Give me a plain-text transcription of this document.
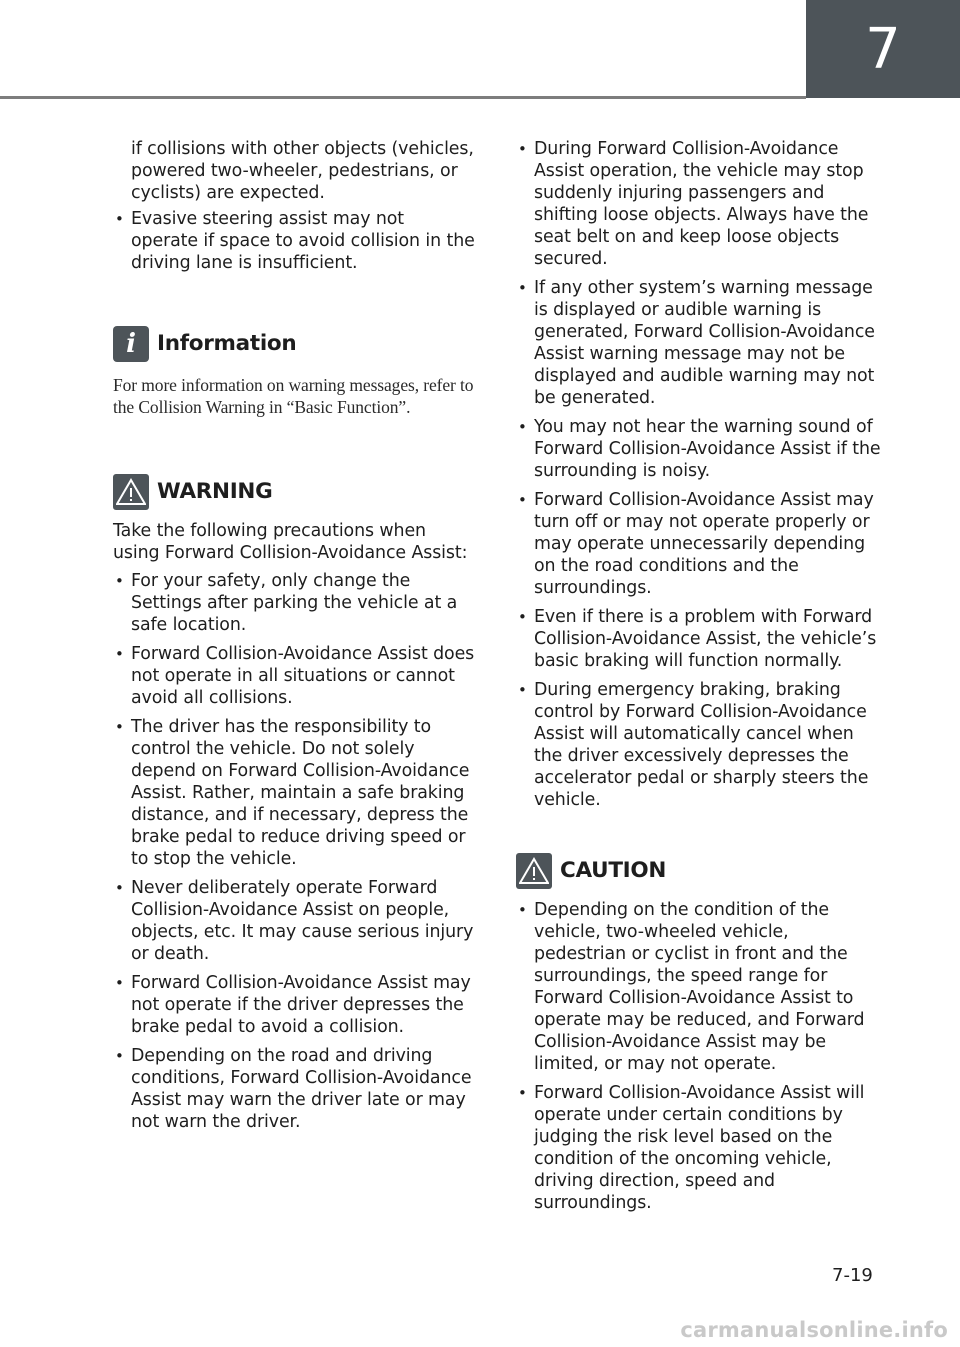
7
if collisions with other objects (vehicles, powered two-wheeler, pedestrians, or cyclists) are expected.
• Evasive steering assist may not operate if space to avoid collision in the driving lane is insufficient.
i Information
For more information on warning messages, refer to the Collision Warning in “Basic Function”.
WARNING
Take the following precautions when using Forward Collision-Avoidance Assist:
• For your safety, only change the Settings after parking the vehicle at a safe location.
• Forward Collision-Avoidance Assist does not operate in all situations or cannot avoid all collisions.
• The driver has the responsibility to control the vehicle. Do not solely depend on Forward Collision-Avoidance Assist. Rather, maintain a safe braking distance, and if necessary, depress the brake pedal to reduce driving speed or to stop the vehicle.
• Never deliberately operate Forward Collision-Avoidance Assist on people, objects, etc. It may cause serious injury or death.
• Forward Collision-Avoidance Assist may not operate if the driver depresses the brake pedal to avoid a collision.
• Depending on the road and driving conditions, Forward Collision-Avoidance Assist may warn the driver late or may not warn the driver.
• During Forward Collision-Avoidance Assist operation, the vehicle may stop suddenly injuring passengers and shifting loose objects. Always have the seat belt on and keep loose objects secured.
• If any other system’s warning message is displayed or audible warning is generated, Forward Collision-Avoidance Assist warning message may not be displayed and audible warning may not be generated.
• You may not hear the warning sound of Forward Collision-Avoidance Assist if the surrounding is noisy.
• Forward Collision-Avoidance Assist may turn off or may not operate properly or may operate unnecessarily depending on the road conditions and the surroundings.
• Even if there is a problem with Forward Collision-Avoidance Assist, the vehicle’s basic braking will function normally.
• During emergency braking, braking control by Forward Collision-Avoidance Assist will automatically cancel when the driver excessively depresses the accelerator pedal or sharply steers the vehicle.
CAUTION
• Depending on the condition of the vehicle, two-wheeled vehicle, pedestrian or cyclist in front and the surroundings, the speed range for Forward Collision-Avoidance Assist to operate may be reduced, and Forward Collision-Avoidance Assist may be limited, or may not operate.
• Forward Collision-Avoidance Assist will operate under certain conditions by judging the risk level based on the condition of the oncoming vehicle, driving direction, speed and surroundings.
7-19
carmanualsonline.info
